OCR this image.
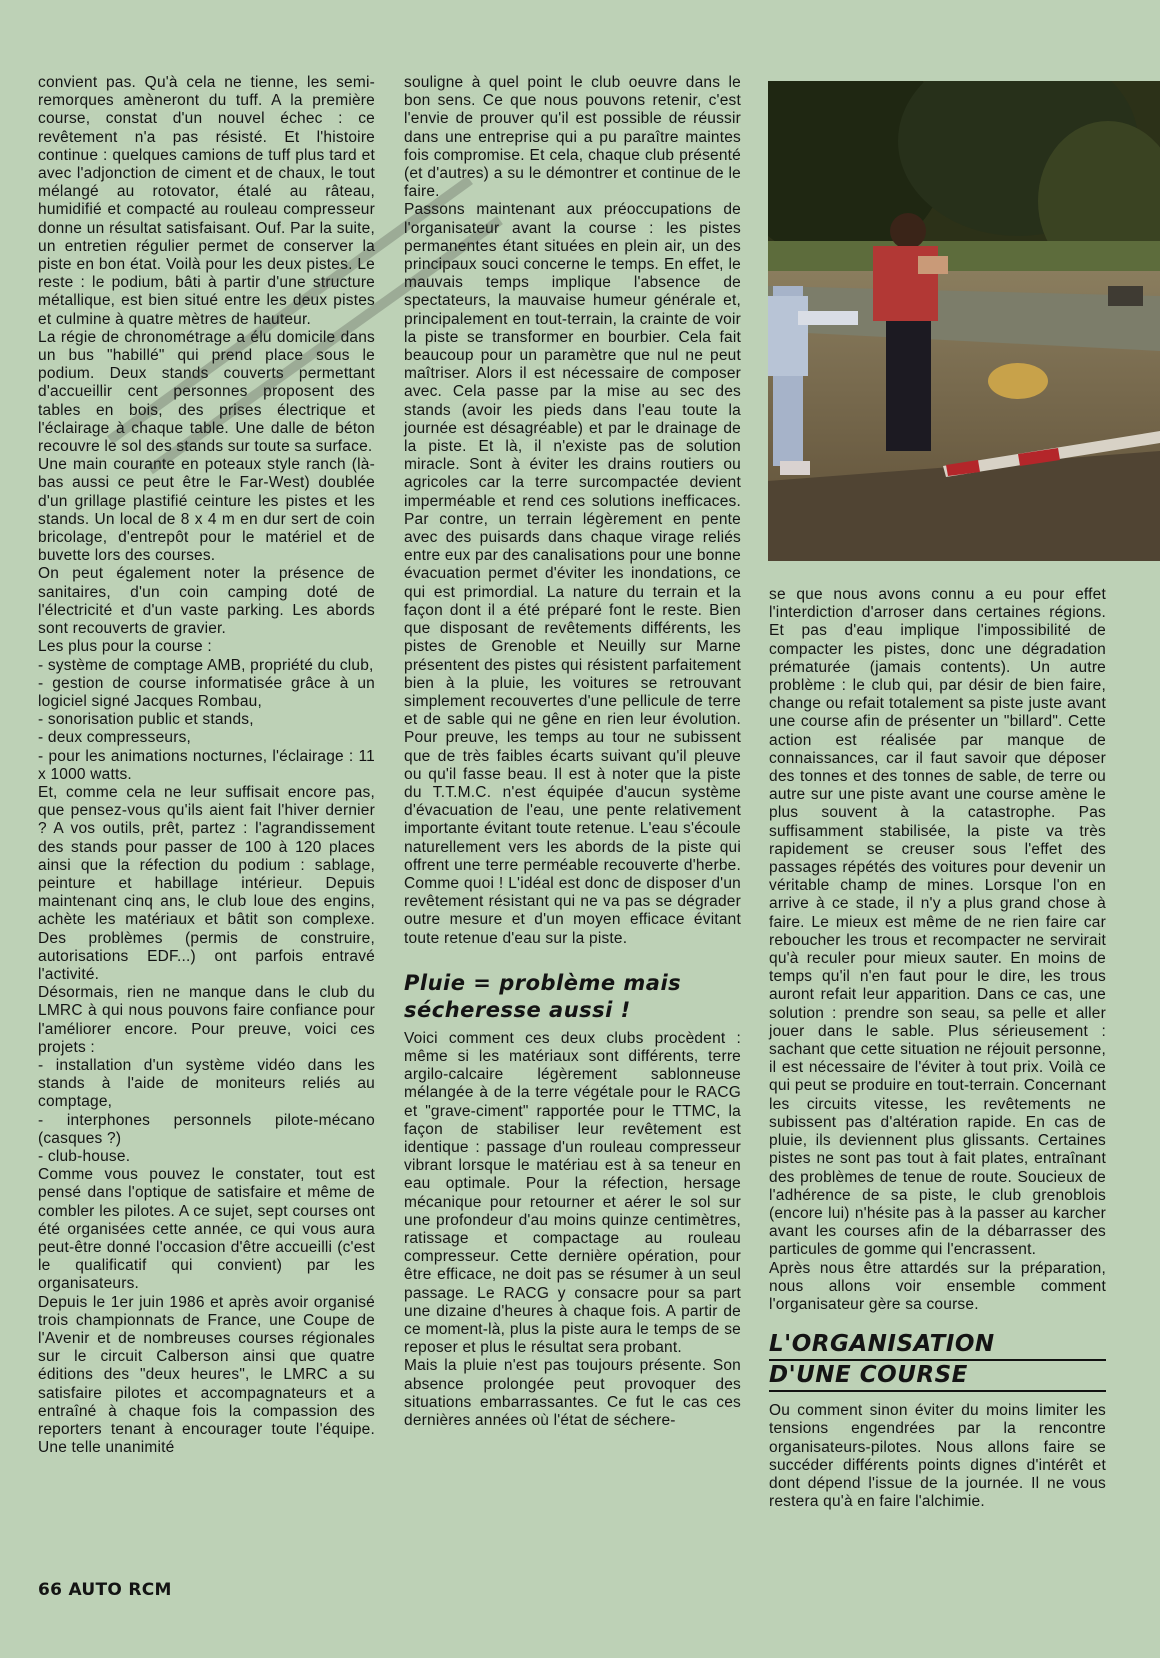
convient pas. Qu'à cela ne tienne, les semi-remorques amèneront du tuff. A la première course, constat d'un nouvel échec : ce revêtement n'a pas résisté. Et l'histoire continue : quelques camions de tuff plus tard et avec l'adjonction de ciment et de chaux, le tout mélangé au rotovator, étalé au râteau, humidifié et compacté au rouleau compresseur donne un résultat satisfaisant. Ouf. Par la suite, un entretien régulier permet de conserver la piste en bon état. Voilà pour les deux pistes. Le reste : le podium, bâti à partir d'une structure métallique, est bien situé entre les deux pistes et culmine à quatre mètres de hauteur.

La régie de chronométrage a élu domicile dans un bus "habillé" qui prend place sous le podium. Deux stands couverts permettant d'accueillir cent personnes proposent des tables en bois, des prises électrique et l'éclairage à chaque table. Une dalle de béton recouvre le sol des stands sur toute sa surface.

Une main courante en poteaux style ranch (là-bas aussi ce peut être le Far-West) doublée d'un grillage plastifié ceinture les pistes et les stands. Un local de 8 x 4 m en dur sert de coin bricolage, d'entrepôt pour le matériel et de buvette lors des courses.

On peut également noter la présence de sanitaires, d'un coin camping doté de l'électricité et d'un vaste parking. Les abords sont recouverts de gravier.

Les plus pour la course :

- système de comptage AMB, propriété du club,

- gestion de course informatisée grâce à un logiciel signé Jacques Rombau,

- sonorisation public et stands,

- deux compresseurs,

- pour les animations nocturnes, l'éclairage : 11 x 1000 watts.

Et, comme cela ne leur suffisait encore pas, que pensez-vous qu'ils aient fait l'hiver dernier ? A vos outils, prêt, partez : l'agrandissement des stands pour passer de 100 à 120 places ainsi que la réfection du podium : sablage, peinture et habillage intérieur. Depuis maintenant cinq ans, le club loue des engins, achète les matériaux et bâtit son complexe. Des problèmes (permis de construire, autorisations EDF...) ont parfois entravé l'activité.

Désormais, rien ne manque dans le club du LMRC à qui nous pouvons faire confiance pour l'améliorer encore. Pour preuve, voici ces projets :

- installation d'un système vidéo dans les stands à l'aide de moniteurs reliés au comptage,

- interphones personnels pilote-mécano (casques ?)

- club-house.

Comme vous pouvez le constater, tout est pensé dans l'optique de satisfaire et même de combler les pilotes. A ce sujet, sept courses ont été organisées cette année, ce qui vous aura peut-être donné l'occasion d'être accueilli (c'est le qualificatif qui convient) par les organisateurs.

Depuis le 1er juin 1986 et après avoir organisé trois championnats de France, une Coupe de l'Avenir et de nombreuses courses régionales sur le circuit Calberson ainsi que quatre éditions des "deux heures", le LMRC a su satisfaire pilotes et accompagnateurs et a entraîné à chaque fois la compassion des reporters tenant à encourager toute l'équipe. Une telle unanimité

souligne à quel point le club oeuvre dans le bon sens. Ce que nous pouvons retenir, c'est l'envie de prouver qu'il est possible de réussir dans une entreprise qui a pu paraître maintes fois compromise. Et cela, chaque club présenté (et d'autres) a su le démontrer et continue de le faire.

Passons maintenant aux préoccupations de l'organisateur avant la course : les pistes permanentes étant situées en plein air, un des principaux souci concerne le temps. En effet, le mauvais temps implique l'absence de spectateurs, la mauvaise humeur générale et, principalement en tout-terrain, la crainte de voir la piste se transformer en bourbier. Cela fait beaucoup pour un paramètre que nul ne peut maîtriser. Alors il est nécessaire de composer avec. Cela passe par la mise au sec des stands (avoir les pieds dans l'eau toute la journée est désagréable) et par le drainage de la piste. Et là, il n'existe pas de solution miracle. Sont à éviter les drains routiers ou agricoles car la terre surcompactée devient imperméable et rend ces solutions inefficaces. Par contre, un terrain légèrement en pente avec des puisards dans chaque virage reliés entre eux par des canalisations pour une bonne évacuation permet d'éviter les inondations, ce qui est primordial. La nature du terrain et la façon dont il a été préparé font le reste. Bien que disposant de revêtements différents, les pistes de Grenoble et Neuilly sur Marne présentent des pistes qui résistent parfaitement bien à la pluie, les voitures se retrouvant simplement recouvertes d'une pellicule de terre et de sable qui ne gêne en rien leur évolution. Pour preuve, les temps au tour ne subissent que de très faibles écarts suivant qu'il pleuve ou qu'il fasse beau. Il est à noter que la piste du T.T.M.C. n'est équipée d'aucun système d'évacuation de l'eau, une pente relativement importante évitant toute retenue. L'eau s'écoule naturellement vers les abords de la piste qui offrent une terre perméable recouverte d'herbe. Comme quoi ! L'idéal est donc de disposer d'un revêtement résistant qui ne va pas se dégrader outre mesure et d'un moyen efficace évitant toute retenue d'eau sur la piste.

Pluie = problème mais
sécheresse aussi !

Voici comment ces deux clubs procèdent : même si les matériaux sont différents, terre argilo-calcaire légèrement sablonneuse mélangée à de la terre végétale pour le RACG et "grave-ciment" rapportée pour le TTMC, la façon de stabiliser leur revêtement est identique : passage d'un rouleau compresseur vibrant lorsque le matériau est à sa teneur en eau optimale. Pour la réfection, hersage mécanique pour retourner et aérer le sol sur une profondeur d'au moins quinze centimètres, ratissage et compactage au rouleau compresseur. Cette dernière opération, pour être efficace, ne doit pas se résumer à un seul passage. Le RACG y consacre pour sa part une dizaine d'heures à chaque fois. A partir de ce moment-là, plus la piste aura le temps de se reposer et plus le résultat sera probant.

Mais la pluie n'est pas toujours présente. Son absence prolongée peut provoquer des situations embarrassantes. Ce fut le cas ces dernières années où l'état de séchere-

se que nous avons connu a eu pour effet l'interdiction d'arroser dans certaines régions. Et pas d'eau implique l'impossibilité de compacter les pistes, donc une dégradation prématurée (jamais contents). Un autre problème : le club qui, par désir de bien faire, change ou refait totalement sa piste juste avant une course afin de présenter un "billard". Cette action est réalisée par manque de connaissances, car il faut savoir que déposer des tonnes et des tonnes de sable, de terre ou autre sur une piste avant une course amène le plus souvent à la catastrophe. Pas suffisamment stabilisée, la piste va très rapidement se creuser sous l'effet des passages répétés des voitures pour devenir un véritable champ de mines. Lorsque l'on en arrive à ce stade, il n'y a plus grand chose à faire. Le mieux est même de ne rien faire car reboucher les trous et recompacter ne servirait qu'à reculer pour mieux sauter. En moins de temps qu'il n'en faut pour le dire, les trous auront refait leur apparition. Dans ce cas, une solution : prendre son seau, sa pelle et aller jouer dans le sable. Plus sérieusement : sachant que cette situation ne réjouit personne, il est nécessaire de l'éviter à tout prix. Voilà ce qui peut se produire en tout-terrain. Concernant les circuits vitesse, les revêtements ne subissent pas d'altération rapide. En cas de pluie, ils deviennent plus glissants. Certaines pistes ne sont pas tout à fait plates, entraînant des problèmes de tenue de route. Soucieux de l'adhérence de sa piste, le club grenoblois (encore lui) n'hésite pas à la passer au karcher avant les courses afin de la débarrasser des particules de gomme qui l'encrassent.

Après nous être attardés sur la préparation, nous allons voir ensemble comment l'organisateur gère sa course.

L'ORGANISATION
D'UNE COURSE

Ou comment sinon éviter du moins limiter les tensions engendrées par la rencontre organisateurs-pilotes. Nous allons faire se succéder différents points dignes d'intérêt et dont dépend l'issue de la journée. Il ne vous restera qu'à en faire l'alchimie.

66 AUTO RCM
